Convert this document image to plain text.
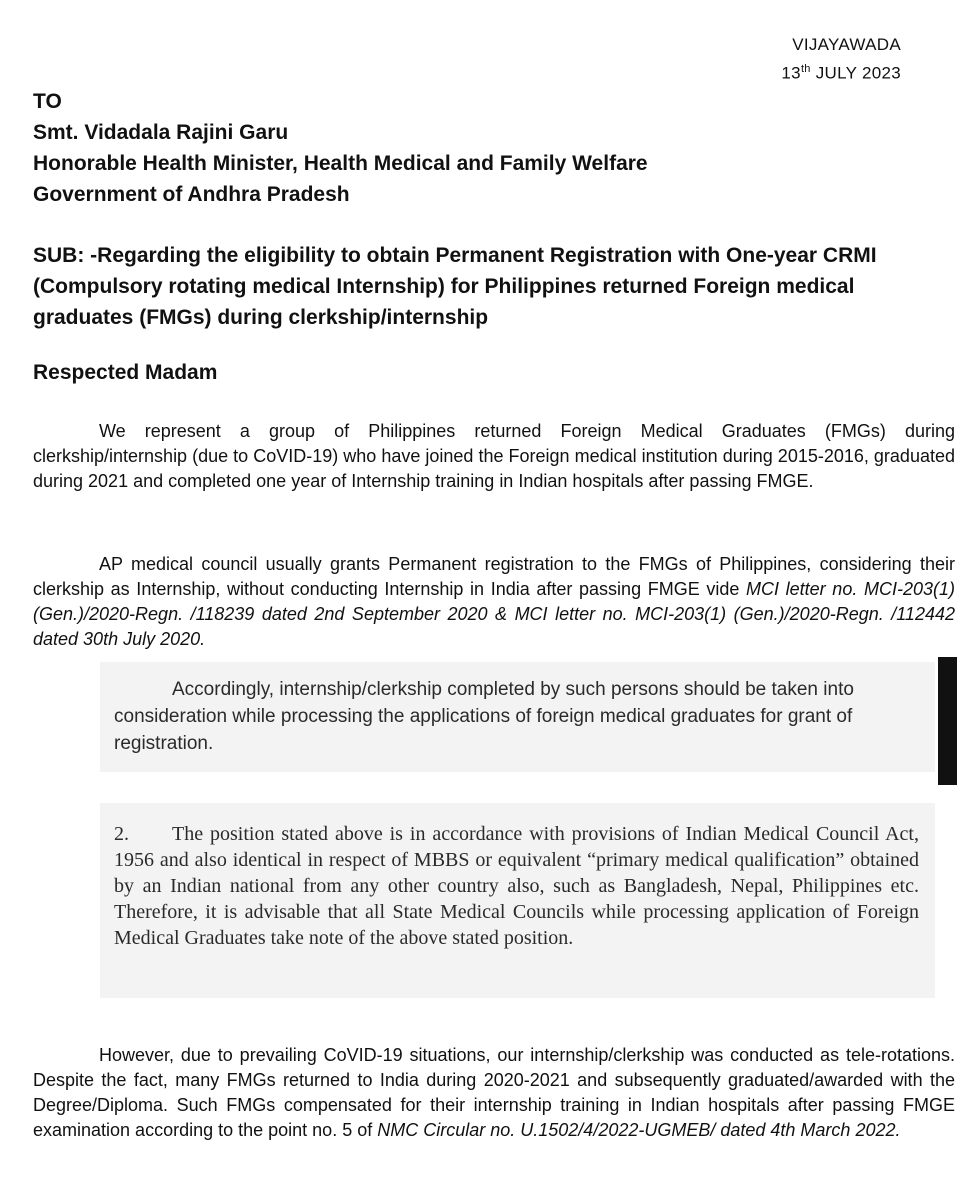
VIJAYAWADA
13th JULY 2023
TO
Smt. Vidadala Rajini Garu
Honorable Health Minister, Health Medical and Family Welfare
Government of Andhra Pradesh
SUB: -Regarding the eligibility to obtain Permanent Registration with One-year CRMI (Compulsory rotating medical Internship) for Philippines returned Foreign medical graduates (FMGs) during clerkship/internship
Respected Madam
We represent a group of Philippines returned Foreign Medical Graduates (FMGs) during clerkship/internship (due to CoVID-19) who have joined the Foreign medical institution during 2015-2016, graduated during 2021 and completed one year of Internship training in Indian hospitals after passing FMGE.
AP medical council usually grants Permanent registration to the FMGs of Philippines, considering their clerkship as Internship, without conducting Internship in India after passing FMGE vide MCI letter no. MCI-203(1) (Gen.)/2020-Regn. /118239 dated 2nd September 2020 & MCI letter no. MCI-203(1) (Gen.)/2020-Regn. /112442 dated 30th July 2020.
Accordingly, internship/clerkship completed by such persons should be taken into consideration while processing the applications of foreign medical graduates for grant of registration.
2. The position stated above is in accordance with provisions of Indian Medical Council Act, 1956 and also identical in respect of MBBS or equivalent “primary medical qualification” obtained by an Indian national from any other country also, such as Bangladesh, Nepal, Philippines etc. Therefore, it is advisable that all State Medical Councils while processing application of Foreign Medical Graduates take note of the above stated position.
However, due to prevailing CoVID-19 situations, our internship/clerkship was conducted as tele-rotations. Despite the fact, many FMGs returned to India during 2020-2021 and subsequently graduated/awarded with the Degree/Diploma. Such FMGs compensated for their internship training in Indian hospitals after passing FMGE examination according to the point no. 5 of NMC Circular no. U.1502/4/2022-UGMEB/ dated 4th March 2022.
